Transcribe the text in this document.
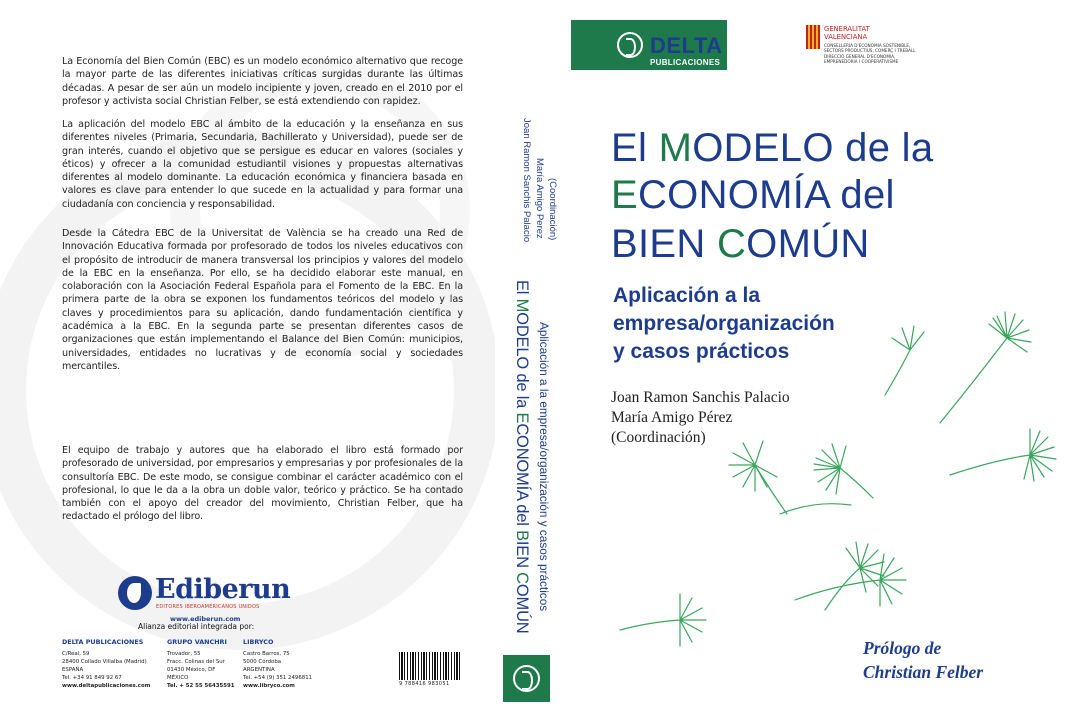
La Economía del Bien Común (EBC) es un modelo económico alternativo que recoge la mayor parte de las diferentes iniciativas críticas surgidas durante las últimas décadas. A pesar de ser aún un modelo incipiente y joven, creado en el 2010 por el profesor y activista social Christian Felber, se está extendiendo con rapidez.

La aplicación del modelo EBC al ámbito de la educación y la enseñanza en sus diferentes niveles (Primaria, Secundaria, Bachillerato y Universidad), puede ser de gran interés, cuando el objetivo que se persigue es educar en valores (sociales y éticos) y ofrecer a la comunidad estudiantil visiones y propuestas alternativas diferentes al modelo dominante. La educación económica y financiera basada en valores es clave para entender lo que sucede en la actualidad y para formar una ciudadanía con conciencia y responsabilidad.

Desde la Cátedra EBC de la Universitat de València se ha creado una Red de Innovación Educativa formada por profesorado de todos los niveles educativos con el propósito de introducir de manera transversal los principios y valores del modelo de la EBC en la enseñanza. Por ello, se ha decidido elaborar este manual, en colaboración con la Asociación Federal Española para el Fomento de la EBC. En la primera parte de la obra se exponen los fundamentos teóricos del modelo y las claves y procedimientos para su aplicación, dando fundamentación científica y académica a la EBC. En la segunda parte se presentan diferentes casos de organizaciones que están implementando el Balance del Bien Común: municipios, universidades, entidades no lucrativas y de economía social y sociedades mercantiles.

El equipo de trabajo y autores que ha elaborado el libro está formado por profesorado de universidad, por empresarios y empresarias y por profesionales de la consultoría EBC. De este modo, se consigue combinar el carácter académico con el profesional, lo que le da a la obra un doble valor, teórico y práctico. Se ha contado también con el apoyo del creador del movimiento, Christian Felber, que ha redactado el prólogo del libro.

Ediberun
EDITORES IBEROAMERICANOS UNIDOS
www.ediberun.com
Alianza editorial integrada por:
DELTA PUBLICACIONES
C/Real, 59
28400 Collado Villalba (Madrid)
ESPAÑA
Tel. +34 91 849 92 67
www.deltapublicaciones.com
GRUPO VANCHRI
Trovador, 55
Fracc. Colinas del Sur
01430 México, DF
MÉXICO
Tel. + 52 55 56435591
LIBRYCO
Castro Barros, 75
5000 Córdoba
ARGENTINA
Tel. +54 (9) 351 2496811
www.libryco.com	9 788416 983051
Joan Ramon Sanchis Palacio María Amigo Perez (Coordinación)
El MODELO de la ECONOMÍA del BIEN COMÚN Aplicación a la empresa/organización y casos prácticos
DELTA
PUBLICACIONES
GENERALITAT VALENCIANA
CONSELLERIA D'ECONOMIA SOSTENIBLE, SECTORS PRODUCTIUS, COMERÇ I TREBALL DIRECCIÓ GENERAL D'ECONOMIA, EMPRENEDORIA I COOPERATIVISME
El MODELO de la
ECONOMÍA del
BIEN COMÚN
Aplicación a la
empresa/organización
y casos prácticos
Joan Ramon Sanchis Palacio
María Amigo Pérez
(Coordinación)
Prólogo de
Christian Felber
